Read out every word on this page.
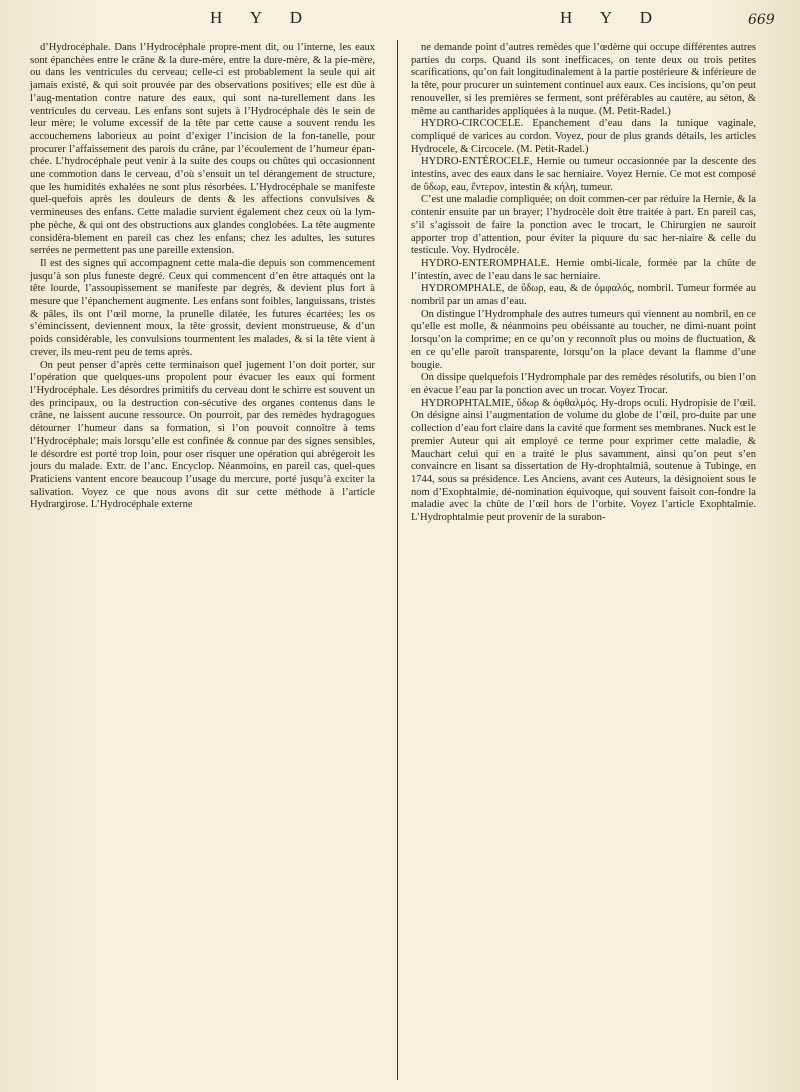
H Y D	H Y D	669

d’Hydrocéphale. Dans l’Hydrocéphale propre-ment dit, ou l’interne, les eaux sont épanchées entre le crâne & la dure-mère, entre la dure-mère, & la pie-mère, ou dans les ventricules du cerveau; celle-ci est probablement la seule qui ait jamais existé, & qui soit prouvée par des observations positives; elle est dûe à l’aug-mentation contre nature des eaux, qui sont na-turellement dans les ventricules du cerveau. Les enfans sont sujets à l’Hydrocéphale dès le sein de leur mère; le volume excessif de la tête par cette cause a souvent rendu les accouchemens laborieux au point d’exiger l’incision de la fon-tanelle, pour procurer l’affaissement des parois du crâne, par l’écoulement de l’humeur épan-chée. L’hydrocéphale peut venir à la suite des coups ou chûtes qui occasionnent une commotion dans le cerveau, d’où s’ensuit un tel dérangement de structure, que les humidités exhalées ne sont plus résorbées. L’Hydrocéphale se manifeste quel-quefois après les douleurs de dents & les affections convulsives & vermineuses des enfans. Cette maladie survient également chez ceux où la lym-phe pèche, & qui ont des obstructions aux glandes conglobées. La tête augmente considéra-blement en pareil cas chez les enfans; chez les adultes, les sutures serrées ne permettent pas une pareille extension.

Il est des signes qui accompagnent cette mala-die depuis son commencement jusqu’à son plus funeste degré. Ceux qui commencent d’en être attaqués ont la tête lourde, l’assoupissement se manifeste par degrés, & devient plus fort à mesure que l’épanchement augmente. Les enfans sont foibles, languissans, tristes & pâles, ils ont l’œil morne, la prunelle dilatée, les futures écartées; les os s’émincissent, deviennent moux, la tête grossit, devient monstrueuse, & d’un poids considérable, les convulsions tourmentent les malades, & si la tête vient à crever, ils meu-rent peu de tems après.

On peut penser d’après cette terminaison quel jugement l’on doit porter, sur l’opération que quelques-uns propolent pour évacuer les eaux qui forment l’Hydrocéphale. Les désordres primitifs du cerveau dont le schirre est souvent un des principaux, ou la destruction con-sécutive des organes contenus dans le crâne, ne laissent aucune ressource. On pourroit, par des remèdes hydragogues détourner l’humeur dans sa formation, si l’on pouvoit connoître à tems l’Hydrocéphale; mais lorsqu’elle est confinée & connue par des signes sensibles, le désordre est porté trop loin, pour oser risquer une opération qui abrégeroit les jours du malade. Extr. de l’anc. Encyclop. Néanmoins, en pareil cas, quel-ques Praticiens vantent encore beaucoup l’usage du mercure, porté jusqu’à exciter la salivation. Voyez ce que nous avons dit sur cette méthode à l’article Hydrargirose. L’Hydrocéphale externe

ne demande point d’autres remèdes que l’œdème qui occupe différentes autres parties du corps. Quand ils sont inefficaces, on tente deux ou trois petites scarifications, qu’on fait longitudinalement à la partie postérieure & inférieure de la tête, pour procurer un suintement continuel aux eaux. Ces incisions, qu’on peut renouveller, si les premières se ferment, sont préférables au cautère, au séton, & même au cantharides appliquées à la nuque. (M. Petit-Radel.)

HYDRO-CIRCOCELE. Epanchement d’eau dans la tunique vaginale, compliqué de varices au cordon. Voyez, pour de plus grands détails, les articles Hydrocele, & Circocele. (M. Petit-Radel.)

HYDRO-ENTÉROCELE, Hernie ou tumeur occasionnée par la descente des intestins, avec des eaux dans le sac herniaire. Voyez Hernie. Ce mot est composé de ὕδωρ, eau, ἔντερον, intestin & κήλη, tumeur.

C’est une maladie compliquée; on doit commen-cer par réduire la Hernie, & la contenir ensuite par un brayer; l’hydrocèle doit être traitée à part. En pareil cas, s’il s’agissoit de faire la ponction avec le trocart, le Chirurgien ne sauroit apporter trop d’attention, pour éviter la piquure du sac her-niaire & celle du testicule. Voy. Hydrocèle.

HYDRO-ENTEROMPHALE. Hernie ombi-licale, formée par la chûte de l’intestin, avec de l’eau dans le sac herniaire.

HYDROMPHALE, de ὕδωρ, eau, & de ὀμφαλός, nombril. Tumeur formée au nombril par un amas d’eau.

On distingue l’Hydromphale des autres tumeurs qui viennent au nombril, en ce qu’elle est molle, & néanmoins peu obéissante au toucher, ne dimi-nuant point lorsqu’on la comprime; en ce qu’on y reconnoît plus ou moins de fluctuation, & en ce qu’elle paroît transparente, lorsqu’on la place devant la flamme d’une bougie.

On dissipe quelquefois l’Hydromphale par des remèdes résolutifs, ou bien l’on en évacue l’eau par la ponction avec un trocar. Voyez Trocar.

HYDROPHTALMIE, ὕδωρ & ὀφθαλμός. Hy-drops oculi. Hydropisie de l’œil. On désigne ainsi l’augmentation de volume du globe de l’œil, pro-duite par une collection d’eau fort claire dans la cavité que forment ses membranes. Nuck est le premier Auteur qui ait employé ce terme pour exprimer cette maladie, & Mauchart celui qui en a traité le plus savamment, ainsi qu’on peut s’en convaincre en lisant sa dissertation de Hy-drophtalmiâ, soutenue à Tubinge, en 1744, sous sa présidence. Les Anciens, avant ces Auteurs, la désignoient sous le nom d’Exophtalmie, dé-nomination équivoque, qui souvent faisoit con-fondre la maladie avec la chûte de l’œil hors de l’orbite. Voyez l’article Exophtalmie. L’Hydrophtalmie peut provenir de la surabon-
